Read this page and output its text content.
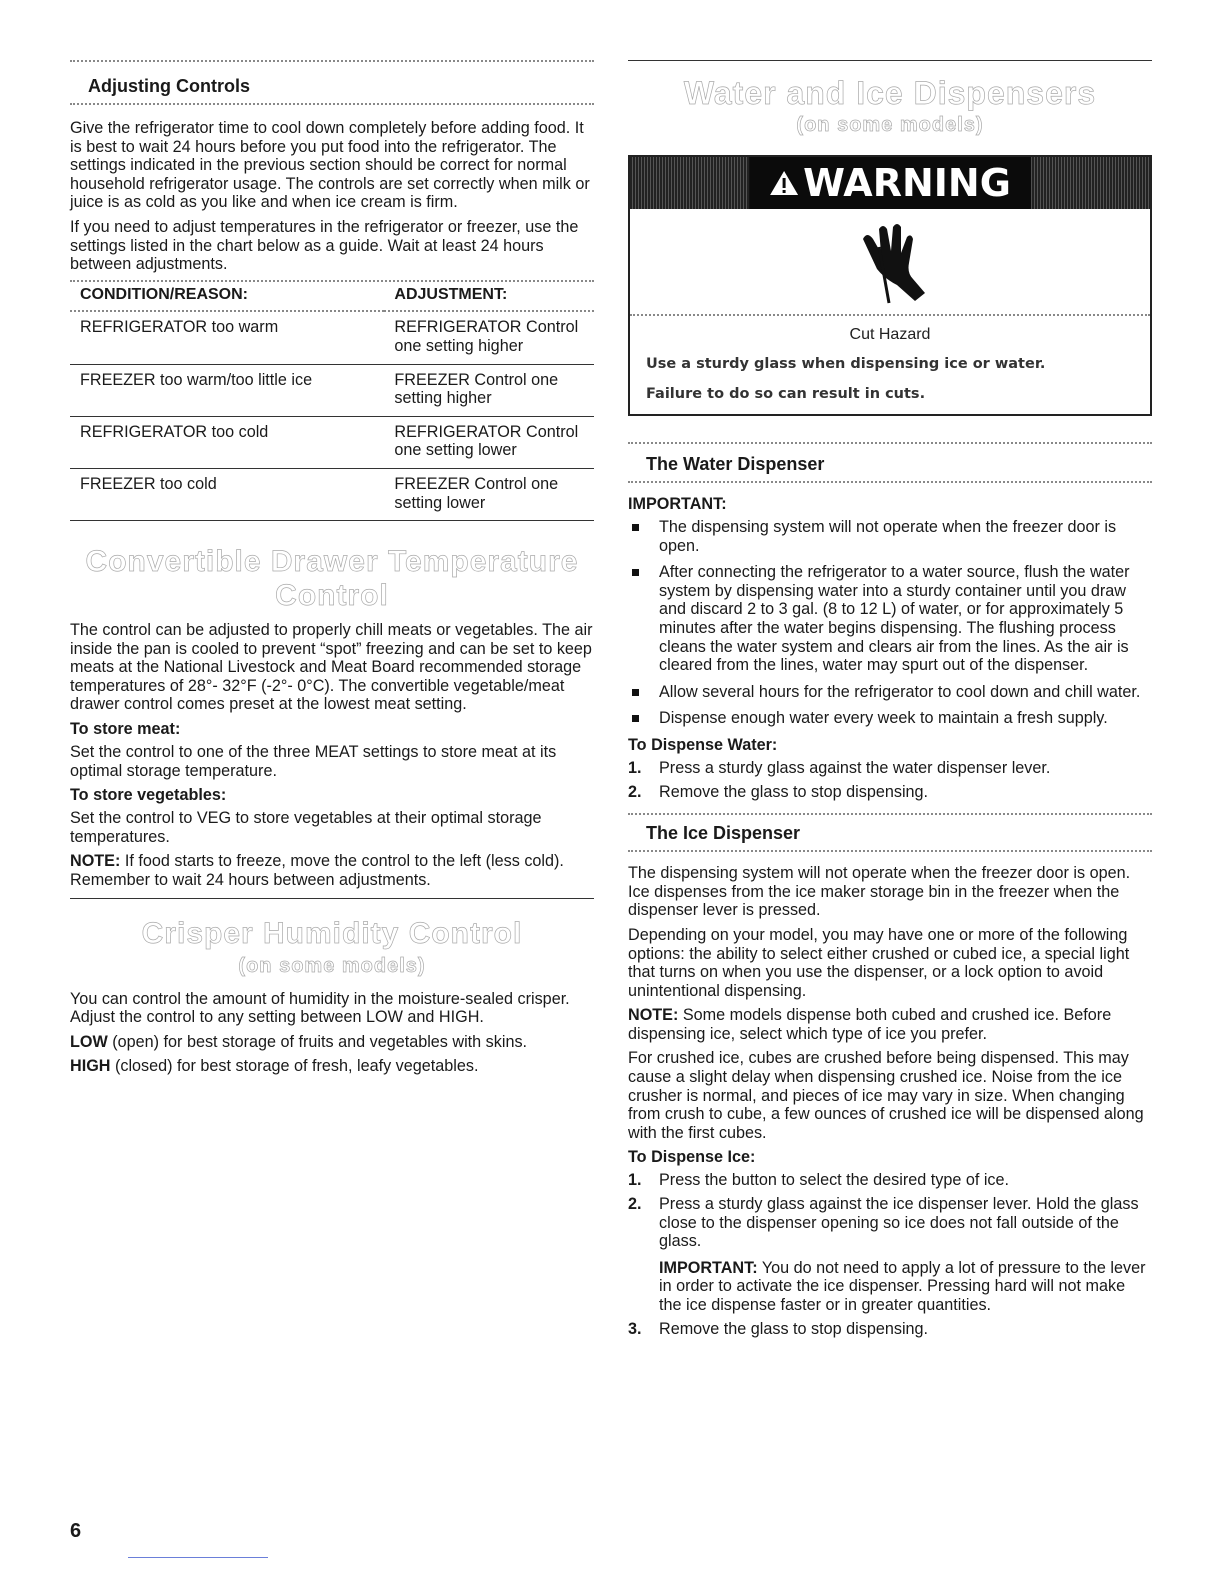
Adjusting Controls

Give the refrigerator time to cool down completely before adding food. It is best to wait 24 hours before you put food into the refrigerator. The settings indicated in the previous section should be correct for normal household refrigerator usage. The controls are set correctly when milk or juice is as cold as you like and when ice cream is firm.

If you need to adjust temperatures in the refrigerator or freezer, use the settings listed in the chart below as a guide. Wait at least 24 hours between adjustments.

CONDITION/REASON:	ADJUSTMENT:
REFRIGERATOR too warm	REFRIGERATOR Control one setting higher
FREEZER too warm/too little ice	FREEZER Control one setting higher
REFRIGERATOR too cold	REFRIGERATOR Control one setting lower
FREEZER too cold	FREEZER Control one setting lower
Convertible Drawer Temperature Control

The control can be adjusted to properly chill meats or vegetables. The air inside the pan is cooled to prevent “spot” freezing and can be set to keep meats at the National Livestock and Meat Board recommended storage temperatures of 28°- 32°F (-2°- 0°C). The convertible vegetable/meat drawer control comes preset at the lowest meat setting.

To store meat:

Set the control to one of the three MEAT settings to store meat at its optimal storage temperature.

To store vegetables:

Set the control to VEG to store vegetables at their optimal storage temperatures.

NOTE: If food starts to freeze, move the control to the left (less cold). Remember to wait 24 hours between adjustments.

Crisper Humidity Control
(on some models)

You can control the amount of humidity in the moisture-sealed crisper. Adjust the control to any setting between LOW and HIGH.

LOW (open) for best storage of fruits and vegetables with skins.

HIGH (closed) for best storage of fresh, leafy vegetables.

Water and Ice Dispensers
(on some models)
WARNING
Cut Hazard
Use a sturdy glass when dispensing ice or water.
Failure to do so can result in cuts.
The Water Dispenser
IMPORTANT:
The dispensing system will not operate when the freezer door is open.
After connecting the refrigerator to a water source, flush the water system by dispensing water into a sturdy container until you draw and discard 2 to 3 gal. (8 to 12 L) of water, or for approximately 5 minutes after the water begins dispensing. The flushing process cleans the water system and clears air from the lines. As the air is cleared from the lines, water may spurt out of the dispenser.
Allow several hours for the refrigerator to cool down and chill water.
Dispense enough water every week to maintain a fresh supply.
To Dispense Water:
1.	Press a sturdy glass against the water dispenser lever.
2.	Remove the glass to stop dispensing.
The Ice Dispenser

The dispensing system will not operate when the freezer door is open. Ice dispenses from the ice maker storage bin in the freezer when the dispenser lever is pressed.

Depending on your model, you may have one or more of the following options: the ability to select either crushed or cubed ice, a special light that turns on when you use the dispenser, or a lock option to avoid unintentional dispensing.

NOTE: Some models dispense both cubed and crushed ice. Before dispensing ice, select which type of ice you prefer.

For crushed ice, cubes are crushed before being dispensed. This may cause a slight delay when dispensing crushed ice. Noise from the ice crusher is normal, and pieces of ice may vary in size. When changing from crush to cube, a few ounces of crushed ice will be dispensed along with the first cubes.

To Dispense Ice:
1.	Press the button to select the desired type of ice.
2.	Press a sturdy glass against the ice dispenser lever. Hold the glass close to the dispenser opening so ice does not fall outside of the glass.
IMPORTANT: You do not need to apply a lot of pressure to the lever in order to activate the ice dispenser. Pressing hard will not make the ice dispense faster or in greater quantities.
3.	Remove the glass to stop dispensing.
6
